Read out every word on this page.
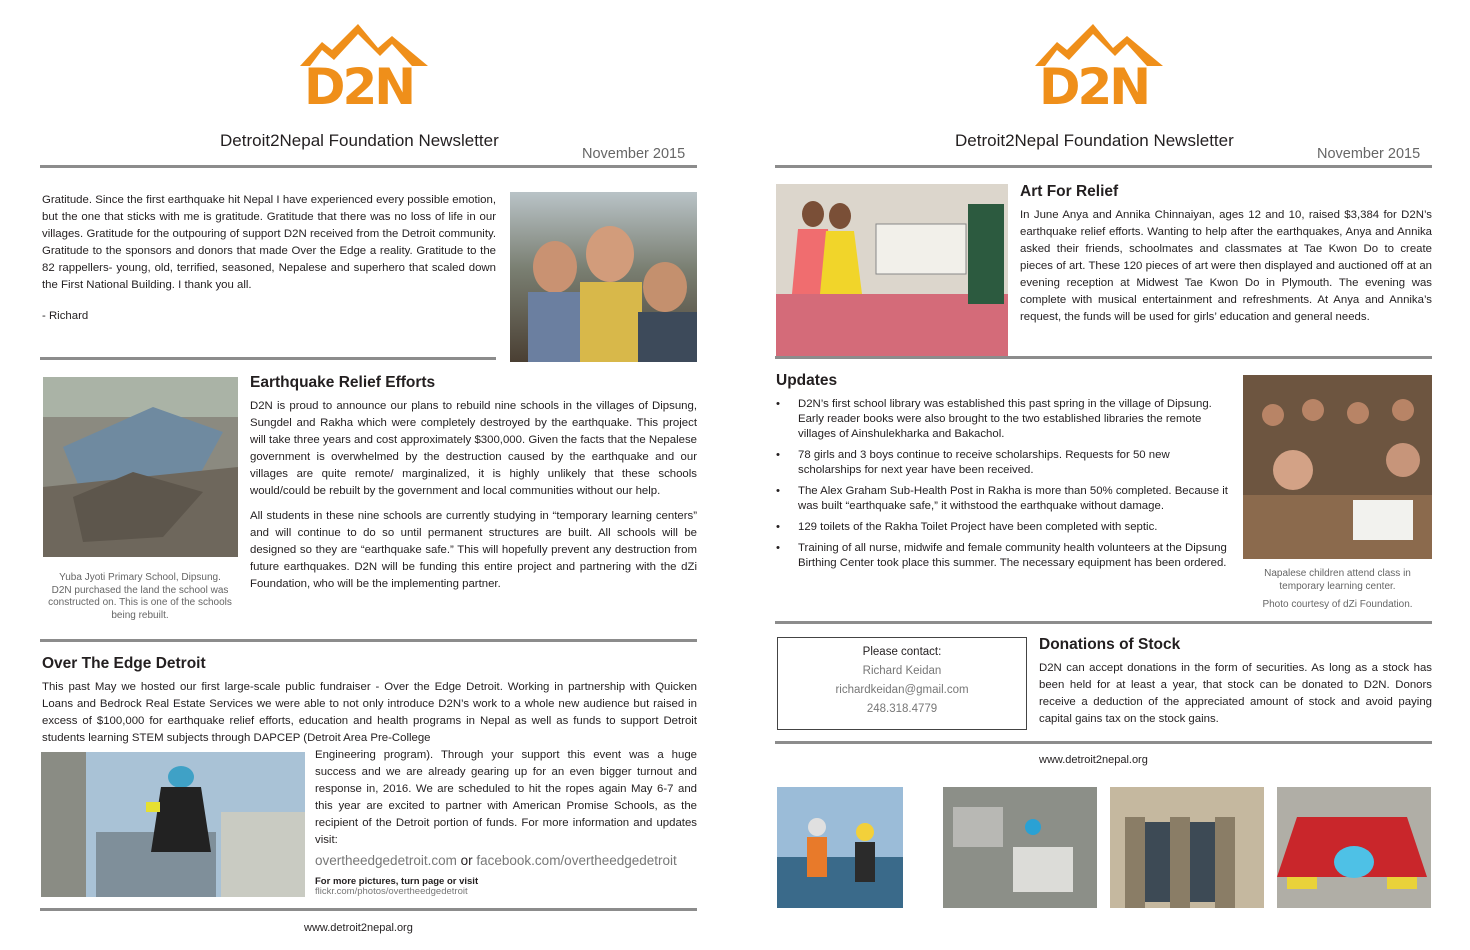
D2N
Detroit2Nepal Foundation Newsletter
November 2015

Gratitude. Since the first earthquake hit Nepal I have experienced every possible emotion, but the one that sticks with me is gratitude. Gratitude that there was no loss of life in our villages. Gratitude for the outpouring of support D2N received from the Detroit community. Gratitude to the sponsors and donors that made Over the Edge a reality. Gratitude to the 82 rappellers- young, old, terrified, seasoned, Nepalese and superhero that scaled down the First National Building. I thank you all.

- Richard

Yuba Jyoti Primary School, Dipsung. D2N purchased the land the school was constructed on. This is one of the schools being rebuilt.
Earthquake Relief Efforts

D2N is proud to announce our plans to rebuild nine schools in the villages of Dipsung, Sungdel and Rakha which were completely destroyed by the earthquake. This project will take three years and cost approximately $300,000. Given the facts that the Nepalese government is overwhelmed by the destruction caused by the earthquake and our villages are quite remote/ marginalized, it is highly unlikely that these schools would/could be rebuilt by the government and local communities without our help.

All students in these nine schools are currently studying in “temporary learning centers” and will continue to do so until permanent structures are built. All schools will be designed so they are “earthquake safe.” This will hopefully prevent any destruction from future earthquakes. D2N will be funding this entire project and partnering with the dZi Foundation, who will be the implementing partner.

Over The Edge Detroit
This past May we hosted our first large-scale public fundraiser - Over the Edge Detroit. Working in partnership with Quicken Loans and Bedrock Real Estate Services we were able to not only introduce D2N’s work to a whole new audience but raised in excess of $100,000 for earthquake relief efforts, education and health programs in Nepal as well as funds to support Detroit students learning STEM subjects through DAPCEP (Detroit Area Pre-College
Engineering program). Through your support this event was a huge success and we are already gearing up for an even bigger turnout and response in, 2016. We are scheduled to hit the ropes again May 6-7 and this year are excited to partner with American Promise Schools, as the recipient of the Detroit portion of funds. For more information and updates visit:
overtheedgedetroit.com or facebook.com/overtheedgedetroit
For more pictures, turn page or visit
flickr.com/photos/overtheedgedetroit
www.detroit2nepal.org
D2N
Detroit2Nepal Foundation Newsletter
November 2015
Art For Relief
In June Anya and Annika Chinnaiyan, ages 12 and 10, raised $3,384 for D2N’s earthquake relief efforts. Wanting to help after the earthquakes, Anya and Annika asked their friends, schoolmates and classmates at Tae Kwon Do to create pieces of art. These 120 pieces of art were then displayed and auctioned off at an evening reception at Midwest Tae Kwon Do in Plymouth. The evening was complete with musical entertainment and refreshments. At Anya and Annika’s request, the funds will be used for girls’ education and general needs.
Updates
• D2N’s first school library was established this past spring in the village of Dipsung. Early reader books were also brought to the two established libraries the remote villages of Ainshulekharka and Bakachol.
• 78 girls and 3 boys continue to receive scholarships. Requests for 50 new scholarships for next year have been received.
• The Alex Graham Sub-Health Post in Rakha is more than 50% completed. Because it was built “earthquake safe,” it withstood the earthquake without damage.
• 129 toilets of the Rakha Toilet Project have been completed with septic.
• Training of all nurse, midwife and female community health volunteers at the Dipsung Birthing Center took place this summer. The necessary equipment has been ordered.
Napalese children attend class in temporary learning center.
Photo courtesy of dZi Foundation.
Please contact:
Richard Keidan
richardkeidan@gmail.com
248.318.4779
Donations of Stock
D2N can accept donations in the form of securities. As long as a stock has been held for at least a year, that stock can be donated to D2N. Donors receive a deduction of the appreciated amount of stock and avoid paying capital gains tax on the stock gains.
www.detroit2nepal.org
